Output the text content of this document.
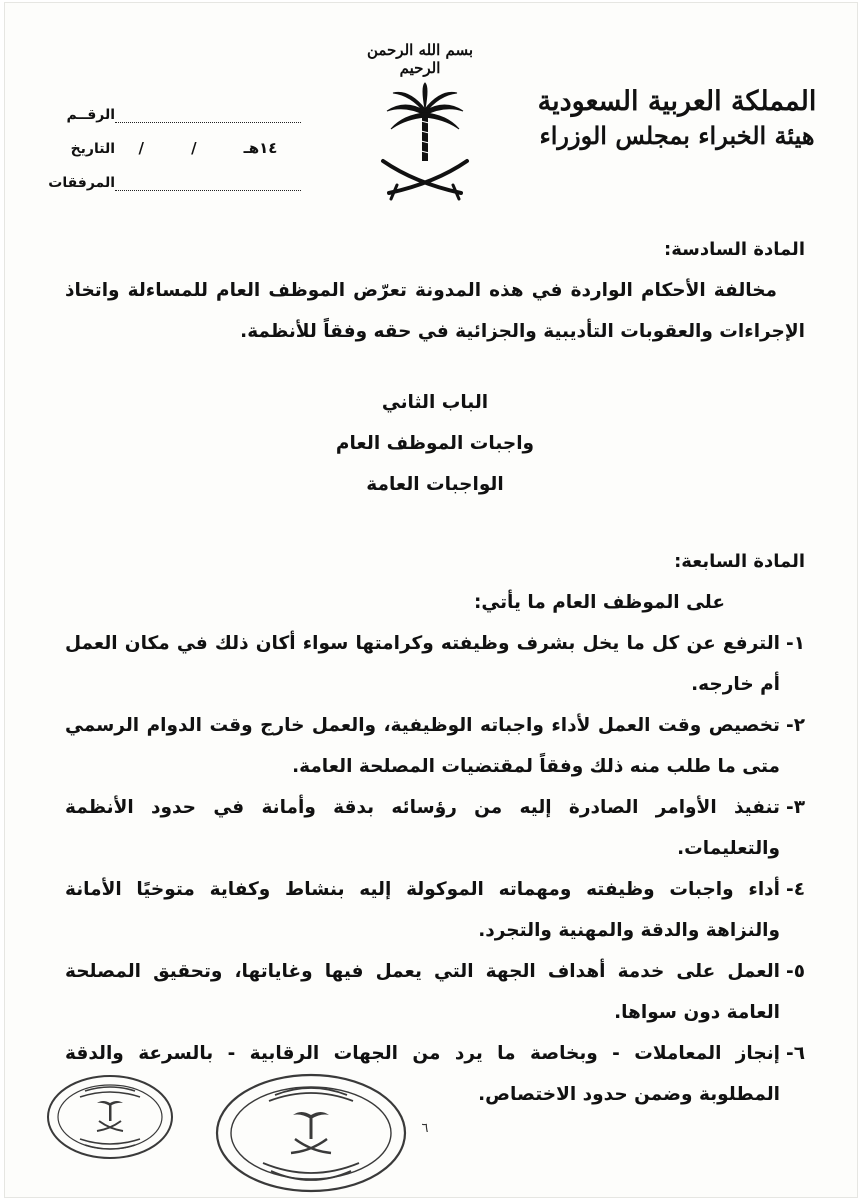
المملكة العربية السعودية
هيئة الخبراء بمجلس الوزراء
بسم الله الرحمن الرحيم
الرقــم
التاريخ /	/	١٤هـ
المرفقات

المادة السادسة:

مخالفة الأحكام الواردة في هذه المدونة تعرّض الموظف العام للمساءلة واتخاذ الإجراءات والعقوبات التأديبية والجزائية في حقه وفقاً للأنظمة.

الباب الثاني

واجبات الموظف العام

الواجبات العامة

المادة السابعة:

على الموظف العام ما يأتي:

١-
الترفع عن كل ما يخل بشرف وظيفته وكرامتها سواء أكان ذلك في مكان العمل أم خارجه.
٢-
تخصيص وقت العمل لأداء واجباته الوظيفية، والعمل خارج وقت الدوام الرسمي متى ما طلب منه ذلك وفقاً لمقتضيات المصلحة العامة.
٣-
تنفيذ الأوامر الصادرة إليه من رؤسائه بدقة وأمانة في حدود الأنظمة والتعليمات.
٤-
أداء واجبات وظيفته ومهماته الموكولة إليه بنشاط وكفاية متوخيًا الأمانة والنزاهة والدقة والمهنية والتجرد.
٥-
العمل على خدمة أهداف الجهة التي يعمل فيها وغاياتها، وتحقيق المصلحة العامة دون سواها.
٦-
إنجاز المعاملات - وبخاصة ما يرد من الجهات الرقابية - بالسرعة والدقة المطلوبة وضمن حدود الاختصاص.
٦
